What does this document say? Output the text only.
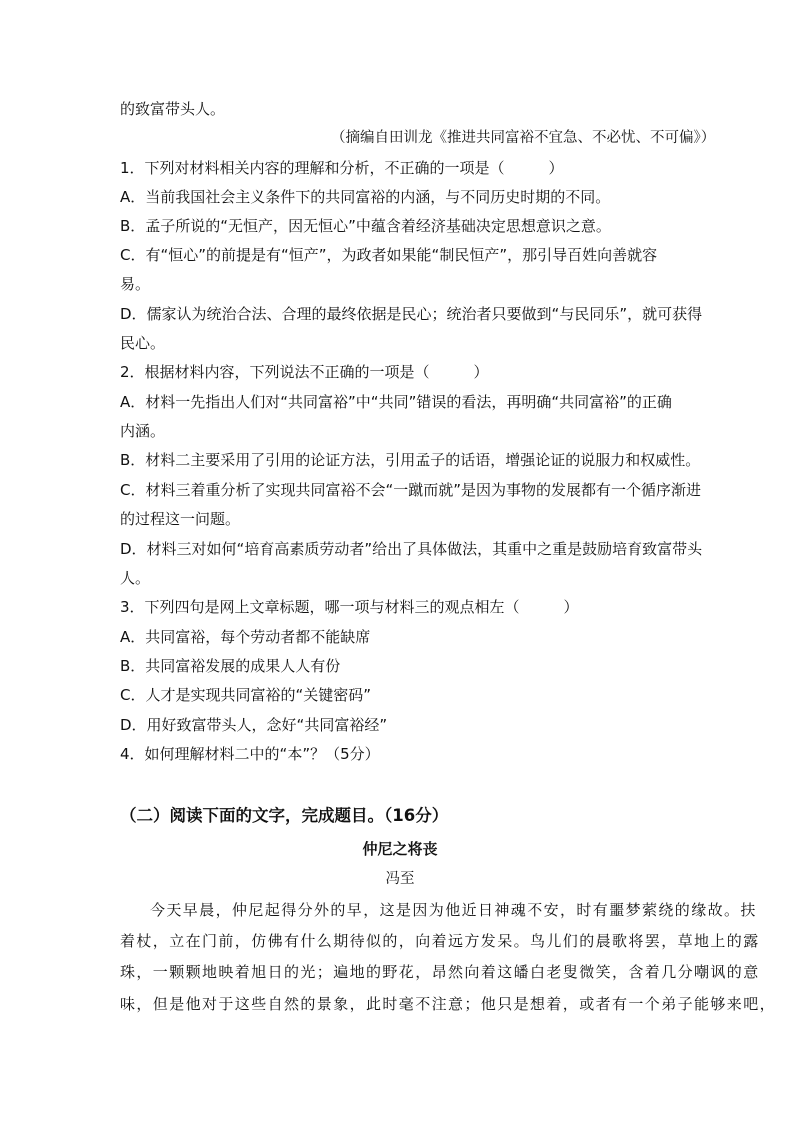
的致富带头人。
（摘编自田训龙《推进共同富裕不宜急、不必忧、不可偏》）
1．下列对材料相关内容的理解和分析，不正确的一项是（	）
A．当前我国社会主义条件下的共同富裕的内涵，与不同历史时期的不同。
B．孟子所说的“无恒产，因无恒心”中蕴含着经济基础决定思想意识之意。
C．有“恒心”的前提是有“恒产”，为政者如果能“制民恒产”，那引导百姓向善就容
易。
D．儒家认为统治合法、合理的最终依据是民心；统治者只要做到“与民同乐”，就可获得
民心。
2．根据材料内容，下列说法不正确的一项是（	）
A．材料一先指出人们对“共同富裕”中“共同”错误的看法，再明确“共同富裕”的正确
内涵。
B．材料二主要采用了引用的论证方法，引用孟子的话语，增强论证的说服力和权威性。
C．材料三着重分析了实现共同富裕不会“一蹴而就”是因为事物的发展都有一个循序渐进
的过程这一问题。
D．材料三对如何“培育高素质劳动者”给出了具体做法，其重中之重是鼓励培育致富带头
人。
3．下列四句是网上文章标题，哪一项与材料三的观点相左（	）
A．共同富裕，每个劳动者都不能缺席
B．共同富裕发展的成果人人有份
C．人才是实现共同富裕的“关键密码”
D．用好致富带头人，念好“共同富裕经”
4．如何理解材料二中的“本”？（5分）
（二）阅读下面的文字，完成题目。（16分）
仲尼之将丧
冯至
今天早晨，仲尼起得分外的早，这是因为他近日神魂不安，时有噩梦萦绕的缘故。扶
着杖，立在门前，仿佛有什么期待似的，向着远方发呆。鸟儿们的晨歌将罢，草地上的露
珠，一颗颗地映着旭日的光；遍地的野花，昂然向着这皤白老叟微笑，含着几分嘲讽的意
味，但是他对于这些自然的景象，此时毫不注意；他只是想着，或者有一个弟子能够来吧，
